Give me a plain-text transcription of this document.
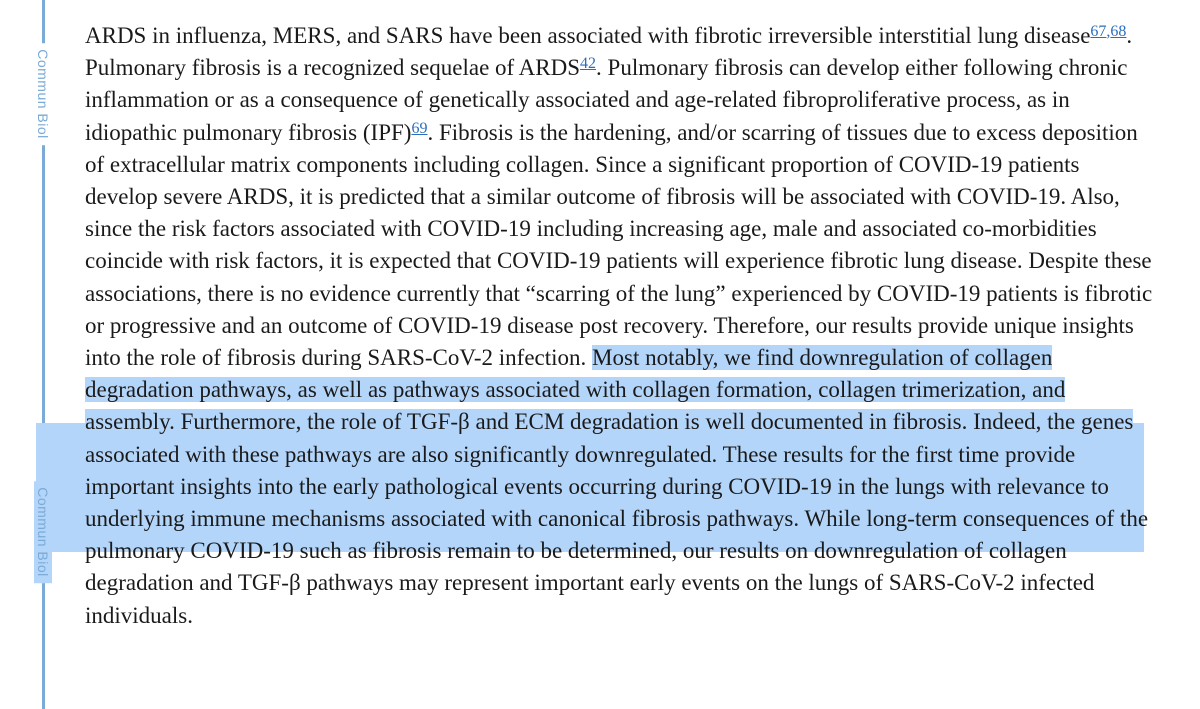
Commun Biol
Commun Biol

ARDS in influenza, MERS, and SARS have been associated with fibrotic irreversible interstitial lung disease$^{67,68}$. Pulmonary fibrosis is a recognized sequelae of ARDS$^{42}$. Pulmonary fibrosis can develop either following chronic inflammation or as a consequence of genetically associated and age-related fibroproliferative process, as in idiopathic pulmonary fibrosis (IPF)$^{69}$. Fibrosis is the hardening, and/or scarring of tissues due to excess deposition of extracellular matrix components including collagen. Since a significant proportion of COVID-19 patients develop severe ARDS, it is predicted that a similar outcome of fibrosis will be associated with COVID-19. Also, since the risk factors associated with COVID-19 including increasing age, male and associated co-morbidities coincide with risk factors, it is expected that COVID-19 patients will experience fibrotic lung disease. Despite these associations, there is no evidence currently that “scarring of the lung” experienced by COVID-19 patients is fibrotic or progressive and an outcome of COVID-19 disease post recovery. Therefore, our results provide unique insights into the role of fibrosis during SARS-CoV-2 infection. Most notably, we find downregulation of collagen degradation pathways, as well as pathways associated with collagen formation, collagen trimerization, and assembly. Furthermore, the role of TGF-β and ECM degradation is well documented in fibrosis. Indeed, the genes associated with these pathways are also significantly downregulated. These results for the first time provide important insights into the early pathological events occurring during COVID-19 in the lungs with relevance to underlying immune mechanisms associated with canonical fibrosis pathways. While long-term consequences of the pulmonary COVID-19 such as fibrosis remain to be determined, our results on downregulation of collagen degradation and TGF-β pathways may represent important early events on the lungs of SARS-CoV-2 infected individuals.
